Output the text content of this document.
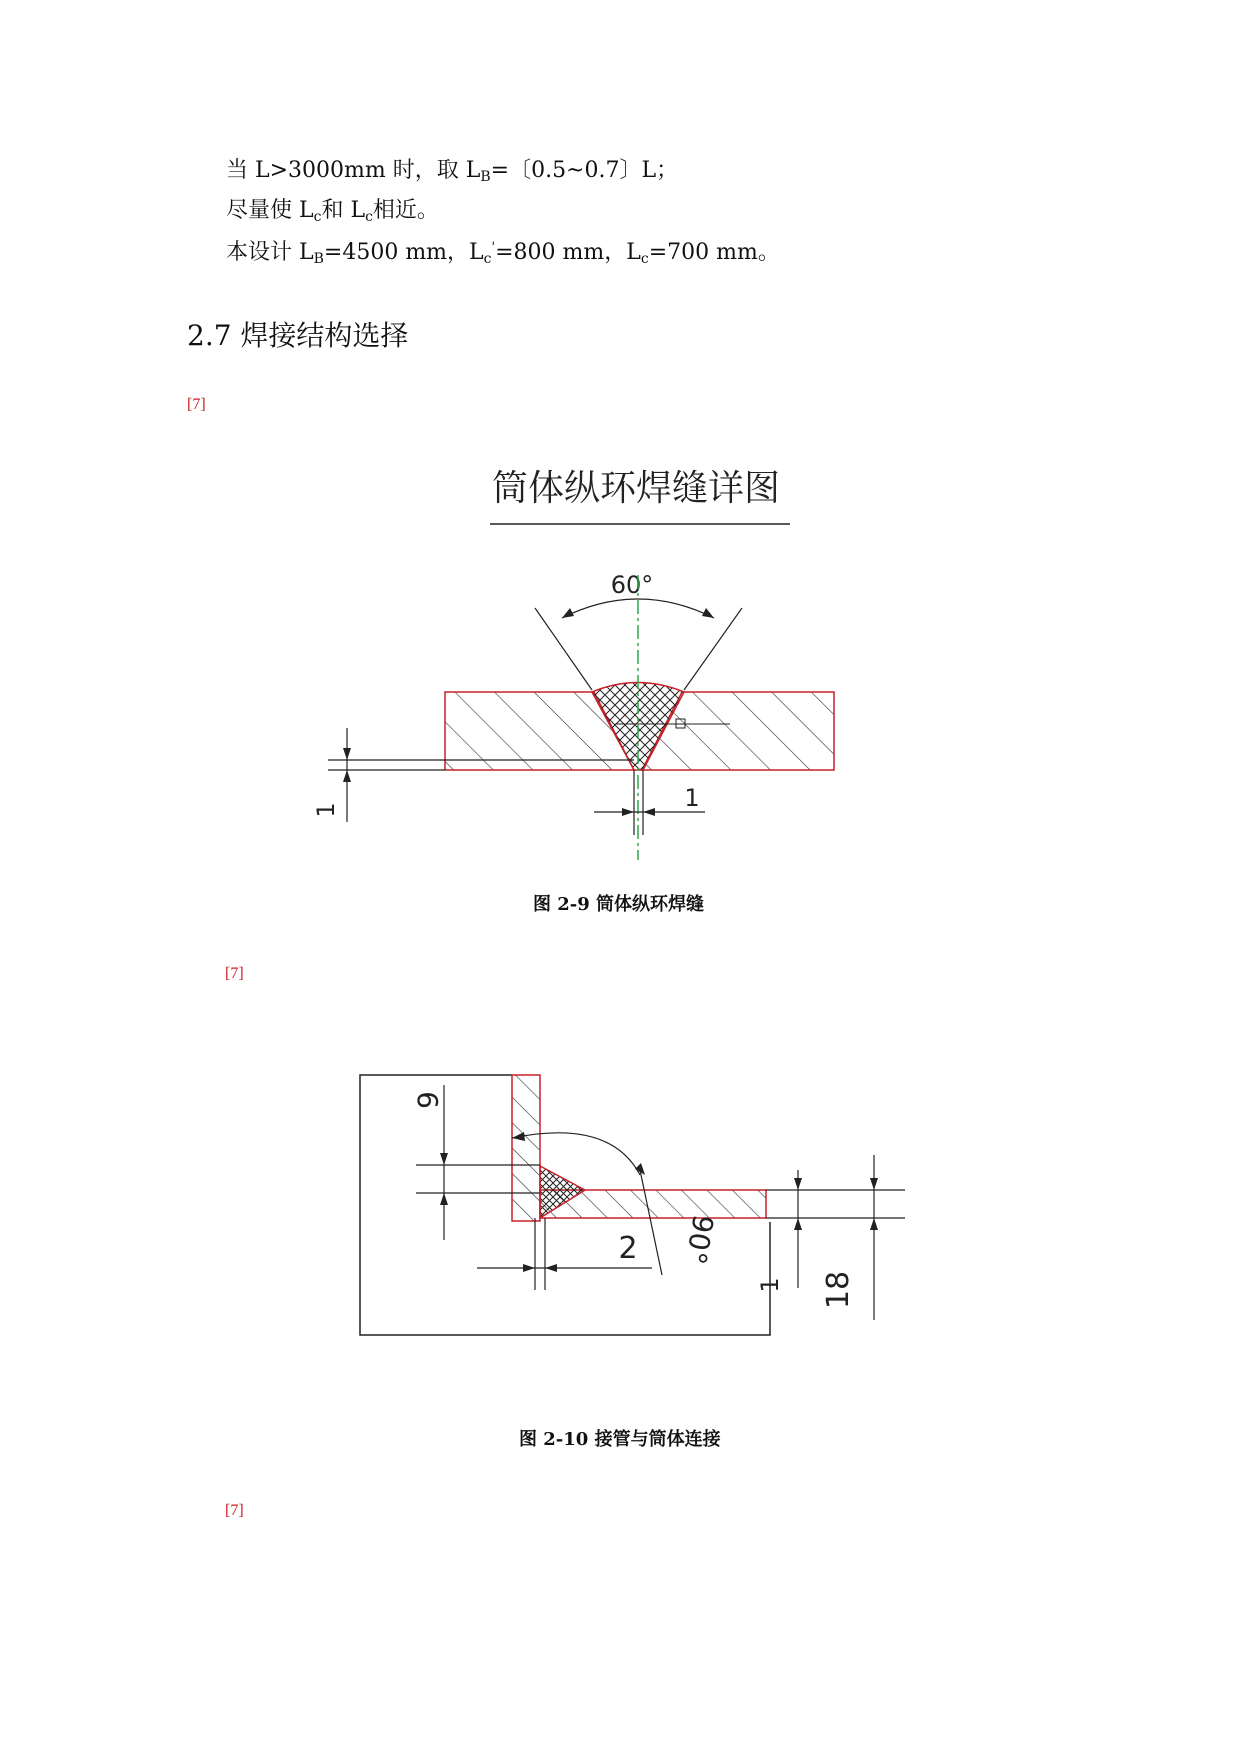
当 L>3000mm 时，取 $L_B=$〔0.5~0.7〕L；
尽量使 $L_c$和 $L_c$相近。
本设计 $L_B=4500$ mm，$L_c'=800$ mm，$L_c=700$ mm。
2.7 焊接结构选择
[7]
[7]
[7]
筒体纵环焊缝详图
60°
1	1
图 2-9 筒体纵环焊缝
6
90°
2
1 18
图 2-10 接管与筒体连接
